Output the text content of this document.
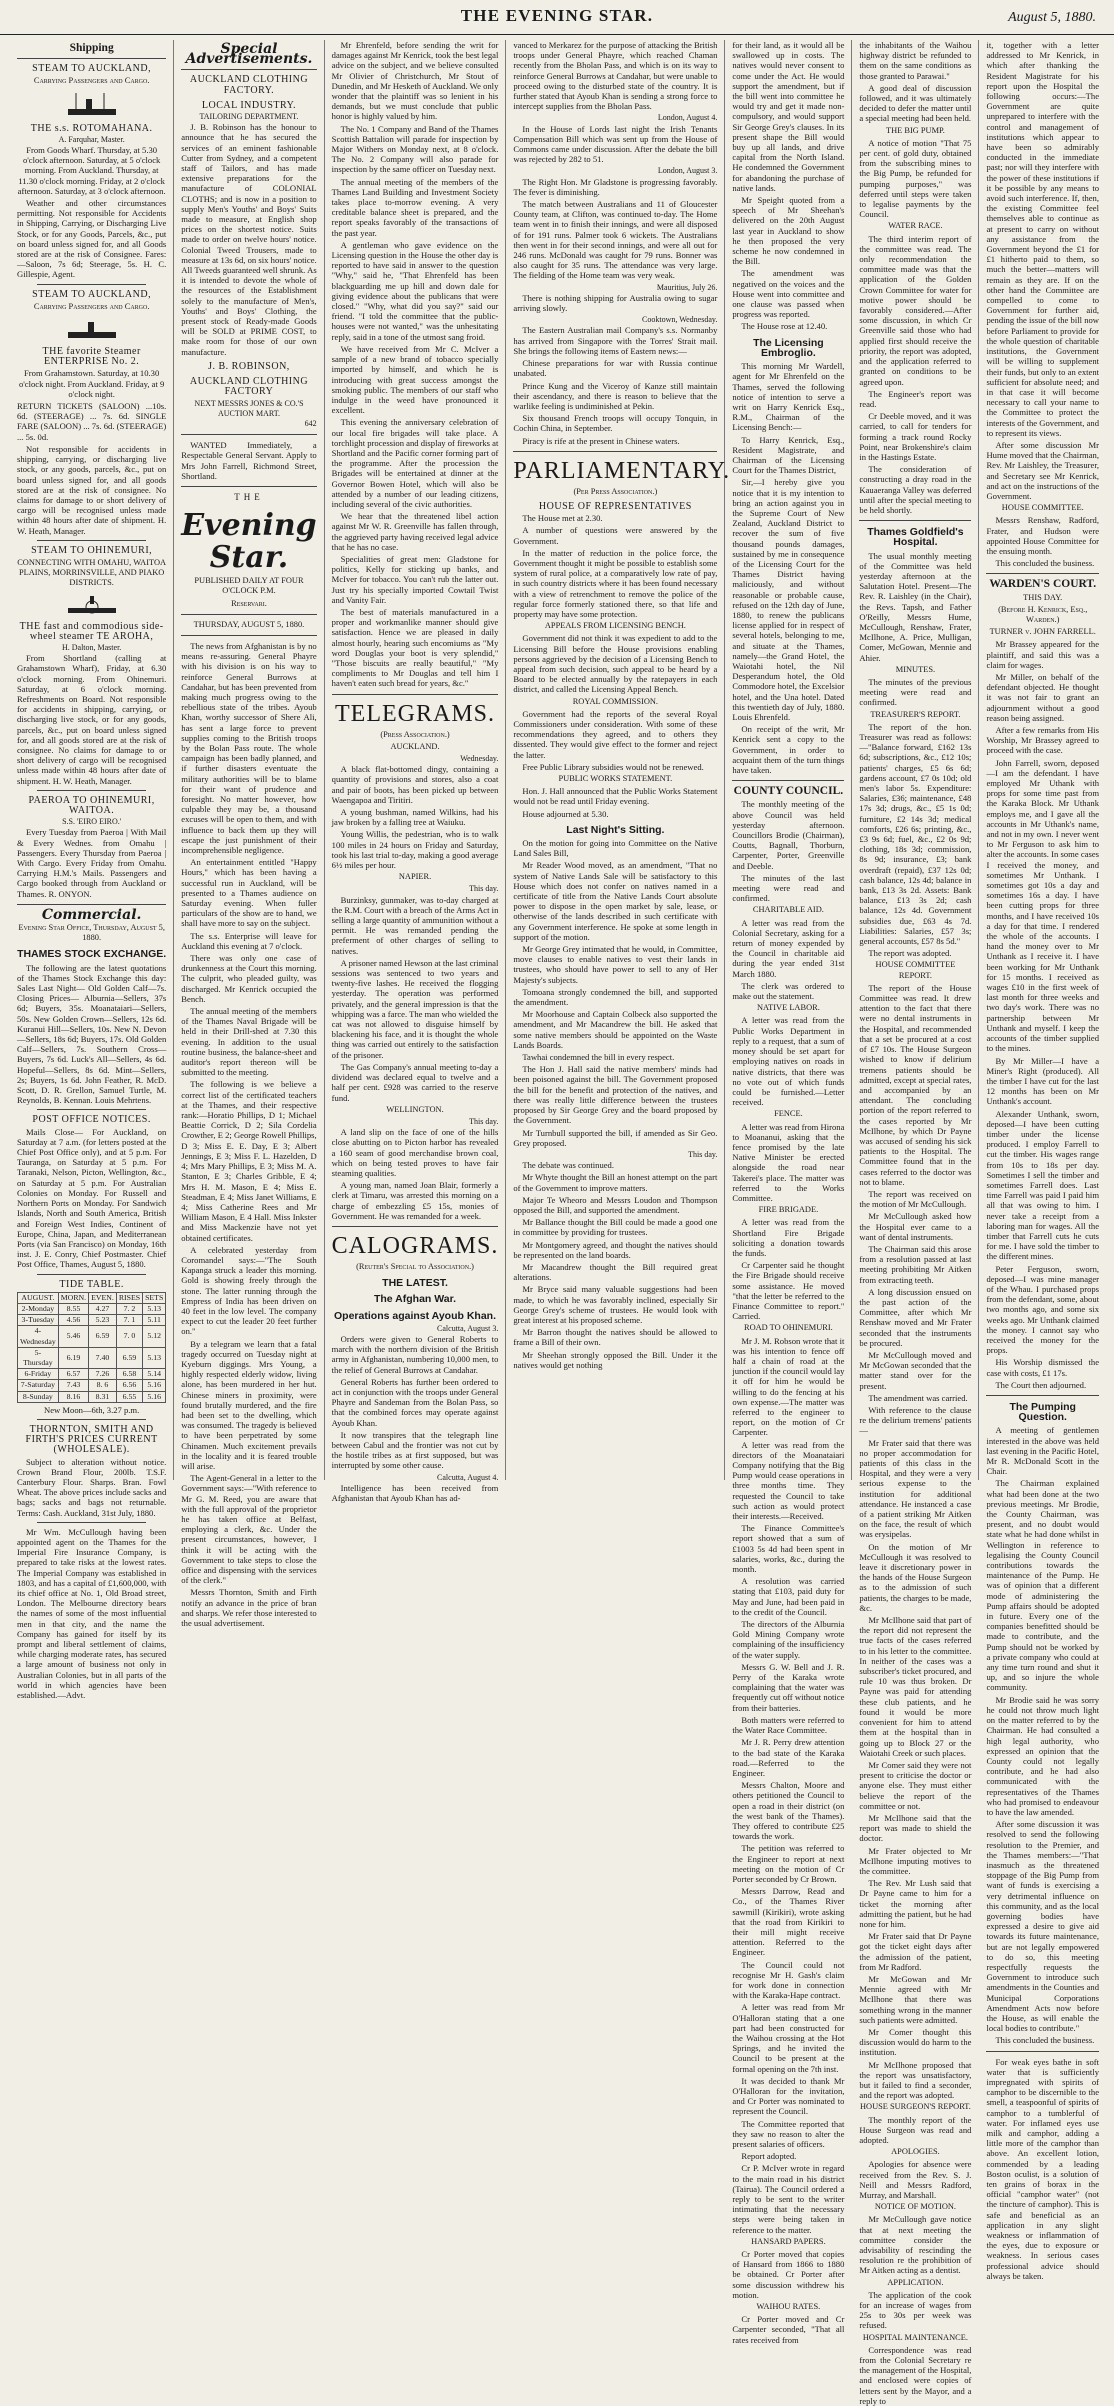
THE EVENING STAR.	August 5, 1880.
Shipping
STEAM TO AUCKLAND,
Carrying Passengers and Cargo.
THE s.s. ROTOMAHANA.
A. Farquhar, Master.

From Goods Wharf. Thursday, at 5.30 o'clock afternoon. Saturday, at 5 o'clock morning. From Auckland. Thursday, at 11.30 o'clock morning. Friday, at 2 o'clock afternoon. Saturday, at 3 o'clock afternoon.

Weather and other circumstances permitting. Not responsible for Accidents in Shipping, Carrying, or Discharging Live Stock, or for any Goods, Parcels, &c., put on board unless signed for, and all Goods stored are at the risk of Consignee. Fares:—Saloon, 7s 6d; Steerage, 5s. H. C. Gillespie, Agent.

STEAM TO AUCKLAND,
Carrying Passengers and Cargo.
THE favorite Steamer ENTERPRISE No. 2.

From Grahamstown. Saturday, at 10.30 o'clock night. From Auckland. Friday, at 9 o'clock night.

RETURN TICKETS (SALOON) ...10s. 6d. (STEERAGE) ... 7s. 6d. SINGLE FARE (SALOON) ... 7s. 6d. (STEERAGE) ... 5s. 0d.

Not responsible for accidents in shipping, carrying, or discharging live stock, or any goods, parcels, &c., put on board unless signed for, and all goods stored are at the risk of consignee. No claims for damage to or short delivery of cargo will be recognised unless made within 48 hours after date of shipment. H. W. Heath, Manager.

STEAM TO OHINEMURI,
CONNECTING WITH OMAHU, WAITOA PLAINS, MORRINSVILLE, AND PIAKO DISTRICTS.
THE fast and commodious side-wheel steamer TE AROHA,
H. Dalton, Master.

From Shortland (calling at Grahamstown Wharf), Friday, at 6.30 o'clock morning. From Ohinemuri. Saturday, at 6 o'clock morning. Refreshments on Board. Not responsible for accidents in shipping, carrying, or discharging live stock, or for any goods, parcels, &c., put on board unless signed for, and all goods stored are at the risk of consignee. No claims for damage to or short delivery of cargo will be recognised unless made within 48 hours after date of shipment. H. W. Heath, Manager.

PAEROA TO OHINEMURI, WAITOA.
S.S. 'EIRO EIRO.'

Every Tuesday from Paeroa | With Mail & Every Wednes. from Omahu | Passengers. Every Thursday from Paeroa | With Cargo. Every Friday from Omahu. Carrying H.M.'s Mails. Passengers and Cargo booked through from Auckland or Thames. R. ONYON.

Commercial.
Evening Star Office, Thursday, August 5, 1880.
THAMES STOCK EXCHANGE.

The following are the latest quotations of the Thames Stock Exchange this day: Sales Last Night— Old Golden Calf—7s. Closing Prices— Alburnia—Sellers, 37s 6d; Buyers, 35s. Moanataiari—Sellers, 50s. New Golden Crown—Sellers, 12s 6d. Kuranui Hill—Sellers, 10s. New N. Devon—Sellers, 18s 6d; Buyers, 17s. Old Golden Calf—Sellers, 7s. Southern Cross—Buyers, 7s 6d. Luck's All—Sellers, 4s 6d. Hopeful—Sellers, 8s 6d. Mint—Sellers, 2s; Buyers, 1s 6d. John Feather, R. McD. Scott, D. R. Grellon, Samuel Turtle, M. Reynolds, B. Kennan. Louis Mehrtens.

POST OFFICE NOTICES.

Mails Close— For Auckland, on Saturday at 7 a.m. (for letters posted at the Chief Post Office only), and at 5 p.m. For Tauranga, on Saturday at 5 p.m. For Taranaki, Nelson, Picton, Wellington, &c., on Saturday at 5 p.m. For Australian Colonies on Monday. For Russell and Northern Ports on Monday. For Sandwich Islands, North and South America, British and Foreign West Indies, Continent of Europe, China, Japan, and Mediterranean Ports (via San Francisco) on Monday, 16th inst. J. E. Conry, Chief Postmaster. Chief Post Office, Thames, August 5, 1880.

TIDE TABLE.
AUGUST.	MORN.	EVEN.	RISES	SETS
2-Monday	8.55	4.27	7. 2	5.13
3-Tuesday	4.56	5.23	7. 1	5.11
4-Wednesday	5.46	6.59	7. 0	5.12
5-Thursday	6.19	7.40	6.59	5.13
6-Friday	6.57	7.26	6.58	5.14
7-Saturday	7.43	8. 6	6.56	5.16
8-Sunday	8.16	8.31	6.55	5.16
New Moon—6th, 3.27 p.m.
THORNTON, SMITH AND FIRTH'S PRICES CURRENT (WHOLESALE).

Subject to alteration without notice. Crown Brand Flour, 200lb. T.S.F. Canterbury Flour. Sharps. Bran. Fowl Wheat. The above prices include sacks and bags; sacks and bags not returnable. Terms: Cash. Auckland, 31st July, 1880.

Mr Wm. McCullough having been appointed agent on the Thames for the Imperial Fire Insurance Company, is prepared to take risks at the lowest rates. The Imperial Company was established in 1803, and has a capital of £1,600,000, with its chief office at No. 1, Old Broad street, London. The Melbourne directory bears the names of some of the most influential men in that city, and the name the Company has gained for itself by its prompt and liberal settlement of claims, while charging moderate rates, has secured a large amount of business not only in Australian Colonies, but in all parts of the world in which agencies have been established.—Advt.

Special Advertisements.
AUCKLAND CLOTHING FACTORY.
LOCAL INDUSTRY.
TAILORING DEPARTMENT.

J. B. Robinson has the honour to announce that he has secured the services of an eminent fashionable Cutter from Sydney, and a competent staff of Tailors, and has made extensive preparations for the manufacture of COLONIAL CLOTHS; and is now in a position to supply Men's Youths' and Boys' Suits made to measure, at English shop prices on the shortest notice. Suits made to order on twelve hours' notice. Colonial Tweed Trousers, made to measure at 13s 6d, on six hours' notice. All Tweeds guaranteed well shrunk. As it is intended to devote the whole of the resources of the Establishment solely to the manufacture of Men's, Youths' and Boys' Clothing, the present stock of Ready-made Goods will be SOLD at PRIME COST, to make room for those of our own manufacture.

J. B. ROBINSON,
AUCKLAND CLOTHING FACTORY
NEXT MESSRS JONES & CO.'S AUCTION MART.
642

WANTED Immediately, a Respectable General Servant. Apply to Mrs John Farrell, Richmond Street, Shortland.

THE
Evening Star.
PUBLISHED DAILY AT FOUR O'CLOCK P.M.
Reservari.
THURSDAY, AUGUST 5, 1880.

The news from Afghanistan is by no means re-assuring. General Phayre with his division is on his way to reinforce General Burrows at Candahar, but has been prevented from making much progress owing to the rebellious state of the tribes. Ayoub Khan, worthy successor of Shere Ali, has sent a large force to prevent supplies coming to the British troops by the Bolan Pass route. The whole campaign has been badly planned, and if further disasters eventuate the military authorities will be to blame for their want of prudence and foresight. No matter however, how culpable they may be, a thousand excuses will be open to them, and with influence to back them up they will escape the just punishment of their incomprehensible negligence.

An entertainment entitled "Happy Hours," which has been having a successful run in Auckland, will be presented to a Thames audience on Saturday evening. When fuller particulars of the show are to hand, we shall have more to say on the subject.

The s.s. Enterprise will leave for Auckland this evening at 7 o'clock.

There was only one case of drunkenness at the Court this morning. The culprit, who pleaded guilty, was discharged. Mr Kenrick occupied the Bench.

The annual meeting of the members of the Thames Naval Brigade will be held in their Drill-shed at 7.30 this evening. In addition to the usual routine business, the balance-sheet and auditor's report thereon will be submitted to the meeting.

The following is we believe a correct list of the certificated teachers at the Thames, and their respective rank:—Horatio Phillips, D 1; Michael Beattie Corrick, D 2; Sila Cordelia Crowther, E 2; George Rowell Phillips, D 3; Miss E. E. Day, E 3; Albert Jennings, E 3; Miss F. L. Hazelden, D 4; Mrs Mary Phillips, E 3; Miss M. A. Stanton, E 3; Charles Gribble, E 4; Mrs H. M. Mason, E 4; Miss E. Steadman, E 4; Miss Janet Williams, E 4; Miss Catherine Rees and Mr William Mason, E 4 Hall. Miss Inkster and Miss Mackenzie have not yet obtained certificates.

A celebrated yesterday from Coromandel says:—"The South Kapanga struck a leader this morning. Gold is showing freely through the stone. The latter running through the Empress of India has been driven on 40 feet in the low level. The company expect to cut the leader 20 feet further on."

By a telegram we learn that a fatal tragedy occurred on Tuesday night at Kyeburn diggings. Mrs Young, a highly respected elderly widow, living alone, has been murdered in her hut. Chinese miners in proximity, were found brutally murdered, and the fire had been set to the dwelling, which was consumed. The tragedy is believed to have been perpetrated by some Chinamen. Much excitement prevails in the locality and it is feared trouble will arise.

The Agent-General in a letter to the Government says:—"With reference to Mr G. M. Reed, you are aware that with the full approval of the proprietor he has taken office at Belfast, employing a clerk, &c. Under the present circumstances, however, I think it will be acting with the Government to take steps to close the office and dispensing with the services of the clerk."

Messrs Thornton, Smith and Firth notify an advance in the price of bran and sharps. We refer those interested to the usual advertisement.

Mr Ehrenfeld, before sending the writ for damages against Mr Kenrick, took the best legal advice on the subject, and we believe consulted Mr Olivier of Christchurch, Mr Stout of Dunedin, and Mr Hesketh of Auckland. We only wonder that the plaintiff was so lenient in his demands, but we must conclude that public honor is highly valued by him.

The No. 1 Company and Band of the Thames Scottish Battalion will parade for inspection by Major Withers on Monday next, at 8 o'clock. The No. 2 Company will also parade for inspection by the same officer on Tuesday next.

The annual meeting of the members of the Thames Land Building and Investment Society takes place to-morrow evening. A very creditable balance sheet is prepared, and the report speaks favorably of the transactions of the past year.

A gentleman who gave evidence on the Licensing question in the House the other day is reported to have said in answer to the question "Why," said he, "That Ehrenfeld has been blackguarding me up hill and down dale for giving evidence about the publicans that were closed." "Why, what did you say?" said our friend. "I told the committee that the public-houses were not wanted," was the unhesitating reply, said in a tone of the utmost sang froid.

We have received from Mr C. McIver a sample of a new brand of tobacco specially imported by himself, and which he is introducing with great success amongst the smoking public. The members of our staff who indulge in the weed have pronounced it excellent.

This evening the anniversary celebration of our local fire brigades will take place. A torchlight procession and display of fireworks at Shortland and the Pacific corner forming part of the programme. After the procession the Brigades will be entertained at dinner at the Governor Bowen Hotel, which will also be attended by a number of our leading citizens, including several of the civic authorities.

We hear that the threatened libel action against Mr W. R. Greenville has fallen through, the aggrieved party having received legal advice that he has no case.

Specialities of great men: Gladstone for politics, Kelly for sticking up banks, and McIver for tobacco. You can't rub the latter out. Just try his specially imported Cowtail Twist and Vanity Fair.

The best of materials manufactured in a proper and workmanlike manner should give satisfaction. Hence we are pleased in daily almost hourly, hearing such encomiums as "My word Douglas your boot is very splendid," "Those biscuits are really beautiful," "My compliments to Mr Douglas and tell him I haven't eaten such bread for years, &c."

TELEGRAMS.
(Press Association.)
AUCKLAND.
Wednesday.

A black flat-bottomed dingy, containing a quantity of provisions and stores, also a coat and pair of boots, has been picked up between Waengapoa and Tiritiri.

A young bushman, named Wilkins, had his jaw broken by a falling tree at Waiuku.

Young Willis, the pedestrian, who is to walk 100 miles in 24 hours on Friday and Saturday, took his last trial to-day, making a good average 6½ miles per hour.

NAPIER.
This day.

Burzinksy, gunmaker, was to-day charged at the R.M. Court with a breach of the Arms Act in selling a large quantity of ammunition without a permit. He was remanded pending the preferment of other charges of selling to natives.

A prisoner named Hewson at the last criminal sessions was sentenced to two years and twenty-five lashes. He received the flogging yesterday. The operation was performed privately, and the general impression is that the whipping was a farce. The man who wielded the cat was not allowed to disguise himself by blackening his face, and it is thought the whole thing was carried out entirely to the satisfaction of the prisoner.

The Gas Company's annual meeting to-day a dividend was declared equal to twelve and a half per cent. £928 was carried to the reserve fund.

WELLINGTON.
This day.

A land slip on the face of one of the hills close abutting on to Picton harbor has revealed a 160 seam of good merchandise brown coal, which on being tested proves to have fair steaming qualities.

A young man, named Joan Blair, formerly a clerk at Timaru, was arrested this morning on a charge of embezzling £5 15s, monies of Government. He was remanded for a week.

CALOGRAMS.
(Reuter's Special to Association.)
THE LATEST.
The Afghan War.
Operations against Ayoub Khan.
Calcutta, August 3.

Orders were given to General Roberts to march with the northern division of the British army in Afghanistan, numbering 10,000 men, to the relief of General Burrows at Candahar.

General Roberts has further been ordered to act in conjunction with the troops under General Phayre and Sandeman from the Bolan Pass, so that the combined forces may operate against Ayoub Khan.

It now transpires that the telegraph line between Cabul and the frontier was not cut by the hostile tribes as at first supposed, but was interrupted by some other cause.

Calcutta, August 4.

Intelligence has been received from Afghanistan that Ayoub Khan has ad-

vanced to Merkarez for the purpose of attacking the British troops under General Phayre, which reached Chaman recently from the Bholan Pass, and which is on its way to reinforce General Burrows at Candahar, but were unable to proceed owing to the disturbed state of the country. It is further stated that Ayoub Khan is sending a strong force to intercept supplies from the Bholan Pass.

London, August 4.

In the House of Lords last night the Irish Tenants Compensation Bill which was sent up from the House of Commons came under discussion. After the debate the bill was rejected by 282 to 51.

London, August 3.

The Right Hon. Mr Gladstone is progressing favorably. The fever is diminishing.

The match between Australians and 11 of Gloucester County team, at Clifton, was continued to-day. The Home team went in to finish their innings, and were all disposed of for 191 runs. Palmer took 6 wickets. The Australians then went in for their second innings, and were all out for 246 runs. McDonald was caught for 79 runs. Bonner was also caught for 35 runs. The attendance was very large. The fielding of the Home team was very weak.

Mauritius, July 26.

There is nothing shipping for Australia owing to sugar arriving slowly.

Cooktown, Wednesday.

The Eastern Australian mail Company's s.s. Normanby has arrived from Singapore with the Torres' Strait mail. She brings the following items of Eastern news:—

Chinese preparations for war with Russia continue unabated.

Prince Kung and the Viceroy of Kanze still maintain their ascendancy, and there is reason to believe that the warlike feeling is undiminished at Pekin.

Six thousand French troops will occupy Tonquin, in Cochin China, in September.

Piracy is rife at the present in Chinese waters.

PARLIAMENTARY.
(Per Press Association.)
HOUSE OF REPRESENTATIVES

The House met at 2.30.

A number of questions were answered by the Government.

In the matter of reduction in the police force, the Government thought it might be possible to establish some system of rural police, at a comparatively low rate of pay, in such country districts where it has been found necessary with a view of retrenchment to remove the police of the regular force formerly stationed there, so that life and property may have some protection.

APPEALS FROM LICENSING BENCH.

Government did not think it was expedient to add to the Licensing Bill before the House provisions enabling persons aggrieved by the decision of a Licensing Bench to appeal from such decision, such appeal to be heard by a Board to be elected annually by the ratepayers in each district, and called the Licensing Appeal Bench.

ROYAL COMMISSION.

Government had the reports of the several Royal Commissioners under consideration. With some of these recommendations they agreed, and to others they dissented. They would give effect to the former and reject the latter.

Free Public Library subsidies would not be renewed.

PUBLIC WORKS STATEMENT.

Hon. J. Hall announced that the Public Works Statement would not be read until Friday evening.

House adjourned at 5.30.

Last Night's Sitting.

On the motion for going into Committee on the Native Land Sales Bill,

Mr Reader Wood moved, as an amendment, "That no system of Native Lands Sale will be satisfactory to this House which does not confer on natives named in a certificate of title from the Native Lands Court absolute power to dispose in the open market by sale, lease, or otherwise of the lands described in such certificate with any Government interference. He spoke at some length in support of the motion.

Mr George Grey intimated that he would, in Committee, move clauses to enable natives to vest their lands in trustees, who should have power to sell to any of Her Majesty's subjects.

Tomoana strongly condemned the bill, and supported the amendment.

Mr Moorhouse and Captain Colbeck also supported the amendment, and Mr Macandrew the bill. He asked that some native members should be appointed on the Waste Lands Boards.

Tawhai condemned the bill in every respect.

The Hon J. Hall said the native members' minds had been poisoned against the bill. The Government proposed the bill for the benefit and protection of the natives, and there was really little difference between the trustees proposed by Sir George Grey and the board proposed by the Government.

Mr Turnbull supported the bill, if amended as Sir Geo. Grey proposed.

This day.

The debate was continued.

Mr Whyte thought the Bill an honest attempt on the part of the Government to improve matters.

Major Te Wheoro and Messrs Loudon and Thompson opposed the Bill, and supported the amendment.

Mr Ballance thought the Bill could be made a good one in committee by providing for trustees.

Mr Montgomery agreed, and thought the natives should be represented on the land boards.

Mr Macandrew thought the Bill required great alterations.

Mr Bryce said many valuable suggestions had been made, to which he was favorably inclined, especially Sir George Grey's scheme of trustees. He would look with great interest at his proposed scheme.

Mr Barron thought the natives should be allowed to frame a Bill of their own.

Mr Sheehan strongly opposed the Bill. Under it the natives would get nothing

for their land, as it would all be swallowed up in costs. The natives would never consent to come under the Act. He would support the amendment, but if the bill went into committee he would try and get it made non-compulsory, and would support Sir George Grey's clauses. In its present shape the Bill would buy up all lands, and drive capital from the North Island. He condemned the Government for abandoning the purchase of native lands.

Mr Speight quoted from a speech of Mr Sheehan's delivered on the 20th August last year in Auckland to show he then proposed the very scheme he now condemned in the Bill.

The amendment was negatived on the voices and the House went into committee and one clause was passed when progress was reported.

The House rose at 12.40.

The Licensing Embroglio.

This morning Mr Wardell, agent for Mr Ehrenfeld on the Thames, served the following notice of intention to serve a writ on Harry Kenrick Esq., R.M., Chairman of the Licensing Bench:—

To Harry Kenrick, Esq., Resident Magistrate, and Chairman of the Licensing Court for the Thames District,

Sir,—I hereby give you notice that it is my intention to bring an action against you in the Supreme Court of New Zealand, Auckland District to recover the sum of five thousand pounds damages, sustained by me in consequence of the Licensing Court for the Thames District having maliciously, and without reasonable or probable cause, refused on the 12th day of June, 1880, to renew the publicans license applied for in respect of several hotels, belonging to me, and situate at the Thames, namely—the Grand Hotel, the Waiotahi hotel, the Nil Desperandum hotel, the Old Commodore hotel, the Excelsior hotel, and the Una hotel. Dated this twentieth day of July, 1880. Louis Ehrenfeld.

On receipt of the writ, Mr Kenrick sent a copy to the Government, in order to acquaint them of the turn things have taken.

COUNTY COUNCIL.

The monthly meeting of the above Council was held yesterday afternoon. Councillors Brodie (Chairman), Coutts, Bagnall, Thorburn, Carpenter, Porter, Greenville and Deeble.

The minutes of the last meeting were read and confirmed.

CHARITABLE AID.

A letter was read from the Colonial Secretary, asking for a return of money expended by the Council in charitable aid during the year ended 31st March 1880.

The clerk was ordered to make out the statement.

NATIVE LABOR.

A letter was read from the Public Works Department in reply to a request, that a sum of money should be set apart for employing natives on roads in native districts, that there was no vote out of which funds could be furnished.—Letter received.

FENCE.

A letter was read from Hirona to Moananui, asking that the fence promised by the late Native Minister be erected alongside the road near Takerei's place. The matter was referred to the Works Committee.

FIRE BRIGADE.

A letter was read from the Shortland Fire Brigade soliciting a donation towards the funds.

Cr Carpenter said he thought the Fire Brigade should receive some assistance. He moved "that the letter be referred to the Finance Committee to report." Carried.

ROAD TO OHINEMURI.

Mr J. M. Robson wrote that it was his intention to fence off half a chain of road at the junction if the council would lay it off for him he would be willing to do the fencing at his own expense.—The matter was referred to the engineer to report, on the motion of Cr Carpenter.

A letter was read from the directors of the Moanataiari Company notifying that the Big Pump would cease operations in three months time. They requested the Council to take such action as would protect their interests.—Received.

The Finance Committee's report showed that a sum of £1003 5s 4d had been spent in salaries, works, &c., during the month.

A resolution was carried stating that £103, paid duty for May and June, had been paid in to the credit of the Council.

The directors of the Alburnia Gold Mining Company wrote complaining of the insufficiency of the water supply.

Messrs G. W. Bell and J. R. Perry of the Karaka wrote complaining that the water was frequently cut off without notice from their batteries.

Both matters were referred to the Water Race Committee.

Mr J. R. Perry drew attention to the bad state of the Karaka road.—Referred to the Engineer.

Messrs Chalton, Moore and others petitioned the Council to open a road in their district (on the west bank of the Thames). They offered to contribute £25 towards the work.

The petition was referred to the Engineer to report at next meeting on the motion of Cr Porter seconded by Cr Brown.

Messrs Darrow, Read and Co., of the Thames River sawmill (Kirikiri), wrote asking that the road from Kirikiri to their mill might receive attention. Referred to the Engineer.

The Council could not recognise Mr H. Gash's claim for work done in connection with the Karaka-Hape contract.

A letter was read from Mr O'Halloran stating that a one part had been constructed for the Waihou crossing at the Hot Springs, and he invited the Council to be present at the formal opening on the 7th inst.

It was decided to thank Mr O'Halloran for the invitation, and Cr Porter was nominated to represent the Council.

The Committee reported that they saw no reason to alter the present salaries of officers.

Report adopted.

Cr P. McIver wrote in regard to the main road in his district (Tairua). The Council ordered a reply to be sent to the writer intimating that the necessary steps were being taken in reference to the matter.

HANSARD PAPERS.

Cr Porter moved that copies of Hansard from 1866 to 1880 be obtained. Cr Porter after some discussion withdrew his motion.

WAIHOU RATES.

Cr Porter moved and Cr Carpenter seconded, "That all rates received from

the inhabitants of the Waihou highway district be refunded to them on the same conditions as those granted to Parawai."

A good deal of discussion followed, and it was ultimately decided to defer the matter until a special meeting had been held.

THE BIG PUMP.

A notice of motion "That 75 per cent. of gold duty, obtained from the subscribing mines to the Big Pump, be refunded for pumping purposes," was deferred until steps were taken to legalise payments by the Council.

WATER RACE.

The third interim report of the committee was read. The only recommendation the committee made was that the application of the Golden Crown Committee for water for motive power should be favorably considered.—After some discussion, in which Cr Greenville said those who had applied first should receive the priority, the report was adopted, and the application referred to granted on conditions to be agreed upon.

The Engineer's report was read.

Cr Deeble moved, and it was carried, to call for tenders for forming a track round Rocky Point, near Brokenshire's claim in the Hastings Estate.

The consideration of constructing a dray road in the Kauaeranga Valley was deferred until after the special meeting to be held shortly.

Thames Goldfield's Hospital.

The usual monthly meeting of the Committee was held yesterday afternoon at the Salutation Hotel. Present—The Rev. R. Laishley (in the Chair), the Revs. Tapsh, and Father O'Reilly, Messrs Hume, McCullough, Renshaw, Frater, McIlhone, A. Price, Mulligan, Comer, McGowan, Mennie and Ahier.

MINUTES.

The minutes of the previous meeting were read and confirmed.

TREASURER'S REPORT.

The report of the hon. Treasurer was read as follows:—"Balance forward, £162 13s 6d; subscriptions, &c., £12 10s; patients' charges, £5 6s 6d; gardens account, £7 0s 10d; old men's labor 5s. Expenditure: Salaries, £36; maintenance, £48 17s 3d; drugs, &c., £5 1s 0d; furniture, £2 14s 3d; medical comforts, £26 6s; printing, &c., £3 9s 6d; fuel, &c., £2 0s 9d; clothing, 18s 3d; commission, 8s 9d; insurance, £3; bank overdraft (repaid), £37 12s 0d; cash balance, 12s 4d; balance in bank, £13 3s 2d. Assets: Bank balance, £13 3s 2d; cash balance, 12s 4d. Government subsidies due, £63 4s 7d. Liabilities: Salaries, £57 3s; general accounts, £57 8s 5d."

The report was adopted.

HOUSE COMMITTEE REPORT.

The report of the House Committee was read. It drew attention to the fact that there were no dental instruments in the Hospital, and recommended that a set be procured at a cost of £7 10s. The House Surgeon wished to know if delirium tremens patients should be admitted, except at special rates, and accompanied by an attendant. The concluding portion of the report referred to the cases reported by Mr McIlhone, by which Dr Payne was accused of sending his sick patients to the Hospital. The Committee found that in the cases referred to the doctor was not to blame.

The report was received on the motion of Mr McCullough.

Mr McCullough asked how the Hospital ever came to a want of dental instruments.

The Chairman said this arose from a resolution passed at last meeting prohibiting Mr Aitken from extracting teeth.

A long discussion ensued on the past action of the Committee, after which Mr Renshaw moved and Mr Frater seconded that the instruments be procured.

Mr McCullough moved and Mr McGowan seconded that the matter stand over for the present.

The amendment was carried.

With reference to the clause re the delirium tremens' patients—

Mr Frater said that there was no proper accommodation for patients of this class in the Hospital, and they were a very serious expense to the institution for additional attendance. He instanced a case of a patient striking Mr Aitken on the face, the result of which was erysipelas.

On the motion of Mr McCullough it was resolved to leave it discretionary power in the hands of the House Surgeon as to the admission of such patients, the charges to be made, &c.

Mr McIlhone said that part of the report did not represent the true facts of the cases referred to in his letter to the committee. In neither of the cases was a subscriber's ticket procured, and rule 10 was thus broken. Dr Payne was paid for attending these club patients, and he found it would be more convenient for him to attend them at the hospital than in going up to Block 27 or the Waiotahi Creek or such places.

Mr Comer said they were not present to criticise the doctor or anyone else. They must either believe the report of the committee or not.

Mr McIlhone said that the report was made to shield the doctor.

Mr Frater objected to Mr McIlhone imputing motives to the committee.

The Rev. Mr Lush said that Dr Payne came to him for a ticket the morning after admitting the patient, but he had none for him.

Mr Frater said that Dr Payne got the ticket eight days after the admission of the patient, from Mr Radford.

Mr McGowan and Mr Mennie agreed with Mr McIlhone that there was something wrong in the manner such patients were admitted.

Mr Comer thought this discussion would do harm to the institution.

Mr McIlhone proposed that the report was unsatisfactory, but it failed to find a seconder, and the report was adopted.

HOUSE SURGEON'S REPORT.

The monthly report of the House Surgeon was read and adopted.

APOLOGIES.

Apologies for absence were received from the Rev. S. J. Neill and Messrs Radford, Murray, and Marshall.

NOTICE OF MOTION.

Mr McCullough gave notice that at next meeting the committee consider the advisability of rescinding the resolution re the prohibition of Mr Aitken acting as a dentist.

APPLICATION.

The application of the cook for an increase of wages from 25s to 30s per week was refused.

HOSPITAL MAINTENANCE.

Correspondence was read from the Colonial Secretary re the management of the Hospital, and enclosed were copies of letters sent by the Mayor, and a reply to

it, together with a letter addressed to Mr Kenrick, in which after thanking the Resident Magistrate for his report upon the Hospital the following occurs:—The Government are quite unprepared to interfere with the control and management of institutions which appear to have been so admirably conducted in the immediate past; nor will they interfere with the power of these institutions if it be possible by any means to avoid such interference. If, then, the existing Committee feel themselves able to continue as at present to carry on without any assistance from the Government beyond the £1 for £1 hitherto paid to them, so much the better—matters will remain as they are. If on the other hand the Committee are compelled to come to Government for further aid, pending the issue of the bill now before Parliament to provide for the whole question of charitable institutions, the Government will be willing to supplement their funds, but only to an extent sufficient for absolute need; and in that case it will become necessary to call your name to the Committee to protect the interests of the Government, and to represent its views.

After some discussion Mr Hume moved that the Chairman, Rev. Mr Laishley, the Treasurer, and Secretary see Mr Kenrick, and act on the instructions of the Government.

HOUSE COMMITTEE.

Messrs Renshaw, Radford, Frater, and Hudson were appointed House Committee for the ensuing month.

This concluded the business.

WARDEN'S COURT.
THIS DAY.
(Before H. Kenrick, Esq., Warden.)
TURNER v. JOHN FARRELL.

Mr Brassey appeared for the plaintiff, and said this was a claim for wages.

Mr Miller, on behalf of the defendant objected. He thought it was not fair to grant an adjournment without a good reason being assigned.

After a few remarks from His Worship, Mr Brassey agreed to proceed with the case.

John Farrell, sworn, deposed—I am the defendant. I have employed Mr Uthank with props for some time past from the Karaka Block. Mr Uthank employs me, and I gave all the accounts in Mr Uthank's name, and not in my own. I never went to Mr Ferguson to ask him to alter the accounts. In some cases I received the money, and sometimes Mr Unthank. I sometimes got 10s a day and sometimes 16s a day. I have been cutting props for three months, and I have received 10s a day for that time. I rendered the whole of the accounts. I hand the money over to Mr Unthank as I receive it. I have been working for Mr Unthank for 15 months. I received as wages £10 in the first week of last month for three weeks and two day's work. There was no partnership between Mr Unthank and myself. I keep the accounts of the timber supplied to the mines.

By Mr Miller—I have a Miner's Right (produced). All the timber I have cut for the last 12 months has been on Mr Unthank's account.

Alexander Unthank, sworn, deposed—I have been cutting timber under the license produced. I employ Farrell to cut the timber. His wages range from 10s to 18s per day. Sometimes I sell the timber and sometimes Farrell does. Last time Farrell was paid I paid him all that was owing to him. I never take a receipt from a laboring man for wages. All the timber that Farrell cuts he cuts for me. I have sold the timber to the different mines.

Peter Ferguson, sworn, deposed—I was mine manager of the Whau. I purchased props from the defendant, some, about two months ago, and some six weeks ago. Mr Unthank claimed the money. I cannot say who received the money for the props.

His Worship dismissed the case with costs, £1 17s.

The Court then adjourned.

The Pumping Question.

A meeting of gentlemen interested in the above was held last evening in the Pacific Hotel, Mr R. McDonald Scott in the Chair.

The Chairman explained what had been done at the two previous meetings. Mr Brodie, the County Chairman, was present, and no doubt would state what he had done whilst in Wellington in reference to legalising the County Council contributions towards the maintenance of the Pump. He was of opinion that a different mode of administering the Pump affairs should be adopted in future. Every one of the companies benefitted should be made to contribute, and the Pump should not be worked by a private company who could at any time turn round and shut it up, and so injure the whole community.

Mr Brodie said he was sorry he could not throw much light on the matter referred to by the Chairman. He had consulted a high legal authority, who expressed an opinion that the County could not legally contribute, and he had also communicated with the representatives of the Thames who had promised to endeavour to have the law amended.

After some discussion it was resolved to send the following resolution to the Premier, and the Thames members:—"That inasmuch as the threatened stoppage of the Big Pump from want of funds is exercising a very detrimental influence on this community, and as the local governing bodies have expressed a desire to give aid towards its future maintenance, but are not legally empowered to do so, this meeting respectfully requests the Government to introduce such amendments in the Counties and Municipal Corporations Amendment Acts now before the House, as will enable the local bodies to contribute."

This concluded the business.

For weak eyes bathe in soft water that is sufficiently impregnated with spirits of camphor to be discernible to the smell, a teaspoonful of spirits of camphor to a tumblerful of water. For inflamed eyes use milk and camphor, adding a little more of the camphor than above. An excellent lotion, commended by a leading Boston oculist, is a solution of ten grains of borax in the official "camphor water" (not the tincture of camphor). This is safe and beneficial as an application in any slight weakness or inflammation of the eyes, due to exposure or weakness. In serious cases professional advice should always be taken.
